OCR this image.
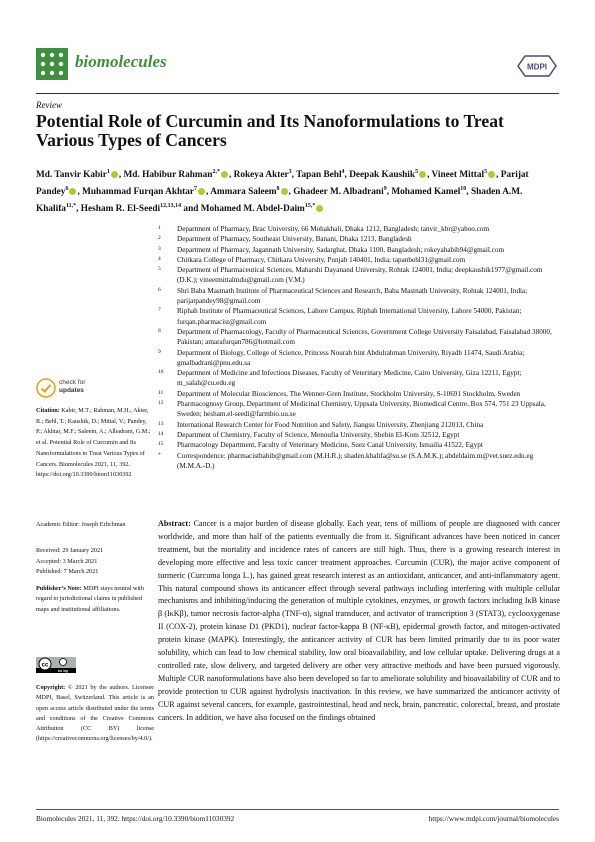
biomolecules	MDPI
Review
Potential Role of Curcumin and Its Nanoformulations to Treat Various Types of Cancers
Md. Tanvir Kabir$^1$ , Md. Habibur Rahman$^{2,*}$ , Rokeya Akter$^3$, Tapan Behl$^4$, Deepak Kaushik$^5$ , Vineet Mittal$^5$ , Parijat Pandey$^6$ , Muhammad Furqan Akhtar$^7$ , Ammara Saleem$^8$ , Ghadeer M. Albadrani$^9$, Mohamed Kamel$^{10}$, Shaden A.M. Khalifa$^{11,*}$, Hesham R. El-Seedi$^{12,13,14}$ and Mohamed M. Abdel-Daim$^{15,*}$
1 Department of Pharmacy, Brac University, 66 Mohakhali, Dhaka 1212, Bangladesh; tanvir_kbr@yahoo.com
2 Department of Pharmacy, Southeast University, Banani, Dhaka 1213, Bangladesh
3 Department of Pharmacy, Jagannath University, Sadarghat, Dhaka 1100, Bangladesh; rokeyahabib94@gmail.com
4 Chitkara College of Pharmacy, Chitkara University, Punjab 140401, India; tapanbehl31@gmail.com
5 Department of Pharmaceutical Sciences, Maharshi Dayanand University, Rohtak 124001, India; deepkaushik1977@gmail.com (D.K.); vineetmittalmdu@gmail.com (V.M.)
6 Shri Baba Mastnath Institute of Pharmaceutical Sciences and Research, Baba Mastnath University, Rohtak 124001, India; parijatpandey98@gmail.com
7 Riphah Institute of Pharmaceutical Sciences, Lahore Campus, Riphah International University, Lahore 54000, Pakistan; furqan.pharmacist@gmail.com
8 Department of Pharmacology, Faculty of Pharmaceutical Sciences, Government College University Faisalabad, Faisalabad 38000, Pakistan; amarafurqan786@hotmail.com
9 Department of Biology, College of Science, Princess Nourah bint Abdulrahman University, Riyadh 11474, Saudi Arabia; gmalbadrani@pnu.edu.sa
10 Department of Medicine and Infectious Diseases, Faculty of Veterinary Medicine, Cairo University, Giza 12211, Egypt; m_salah@cu.edu.eg
11 Department of Molecular Biosciences, The Wenner-Gren Institute, Stockholm University, S-10691 Stockholm, Sweden
12 Pharmacognosy Group, Department of Medicinal Chemistry, Uppsala University, Biomedical Centre, Box 574, 751 23 Uppsala, Sweden; hesham.el-seedi@farmbio.uu.se
13 International Research Center for Food Nutrition and Safety, Jiangsu University, Zhenjiang 212013, China
14 Department of Chemistry, Faculty of Science, Menoufia University, Shebin El-Kom 32512, Egypt
15 Pharmacology Department, Faculty of Veterinary Medicine, Suez Canal University, Ismailia 41522, Egypt
* Correspondence: pharmacisthabib@gmail.com (M.H.R.); shaden.khalifa@su.se (S.A.M.K.); abdeldaim.m@vet.suez.edu.eg (M.M.A.-D.)
check for
updates
Citation: Kabir, M.T.; Rahman, M.H.; Akter, R.; Behl, T.; Kaushik, D.; Mittal, V.; Pandey, P.; Akhtar, M.F.; Saleem, A.; Albadrani, G.M.; et al. Potential Role of Curcumin and Its Nanoformulations to Treat Various Types of Cancers. Biomolecules 2021, 11, 392. https://doi.org/10.3390/biom11030392
Academic Editor: Joseph Erlichman
Received: 29 January 2021
Accepted: 3 March 2021
Published: 7 March 2021
Publisher’s Note: MDPI stays neutral with regard to jurisdictional claims in published maps and institutional affiliations.
cc
cc by
Copyright: © 2021 by the authors. Licensee MDPI, Basel, Switzerland. This article is an open access article distributed under the terms and conditions of the Creative Commons Attribution (CC BY) license (https://creativecommons.org/licenses/by/4.0/).
Abstract: Cancer is a major burden of disease globally. Each year, tens of millions of people are diagnosed with cancer worldwide, and more than half of the patients eventually die from it. Significant advances have been noticed in cancer treatment, but the mortality and incidence rates of cancers are still high. Thus, there is a growing research interest in developing more effective and less toxic cancer treatment approaches. Curcumin (CUR), the major active component of turmeric (Curcuma longa L.), has gained great research interest as an antioxidant, anticancer, and anti-inflammatory agent. This natural compound shows its anticancer effect through several pathways including interfering with multiple cellular mechanisms and inhibiting/inducing the generation of multiple cytokines, enzymes, or growth factors including IκB kinase β (IκKβ), tumor necrosis factor-alpha (TNF-α), signal transducer, and activator of transcription 3 (STAT3), cyclooxygenase II (COX-2), protein kinase D1 (PKD1), nuclear factor-kappa B (NF-κB), epidermal growth factor, and mitogen-activated protein kinase (MAPK). Interestingly, the anticancer activity of CUR has been limited primarily due to its poor water solubility, which can lead to low chemical stability, low oral bioavailability, and low cellular uptake. Delivering drugs at a controlled rate, slow delivery, and targeted delivery are other very attractive methods and have been pursued vigorously. Multiple CUR nanoformulations have also been developed so far to ameliorate solubility and bioavailability of CUR and to provide protection to CUR against hydrolysis inactivation. In this review, we have summarized the anticancer activity of CUR against several cancers, for example, gastrointestinal, head and neck, brain, pancreatic, colorectal, breast, and prostate cancers. In addition, we have also focused on the findings obtained
Biomolecules 2021, 11, 392. https://doi.org/10.3390/biom11030392	https://www.mdpi.com/journal/biomolecules
